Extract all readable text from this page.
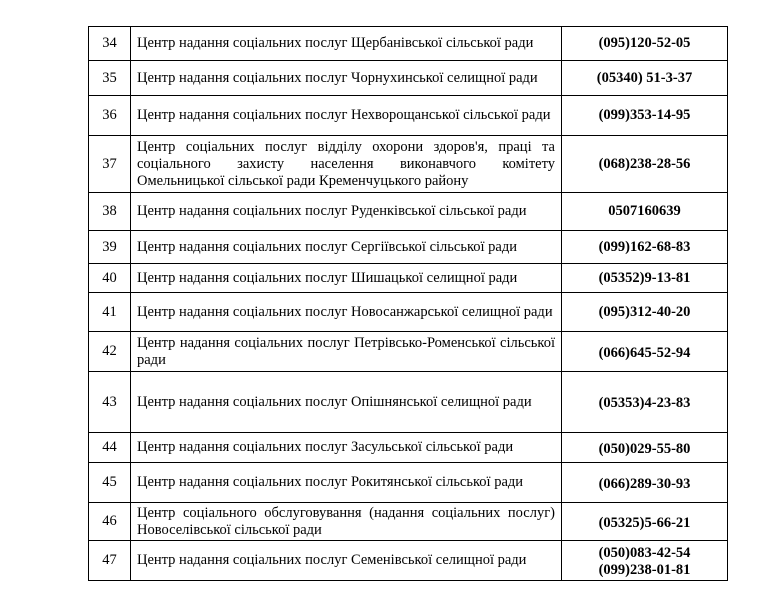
34	Центр надання соціальних послуг Щербанівської сільської ради	(095)120-52-05
35	Центр надання соціальних послуг Чорнухинської селищної ради	(05340) 51-3-37
36	Центр надання соціальних послуг Нехворощанської сільської ради	(099)353-14-95
37	Центр соціальних послуг відділу охорони здоров'я, праці та соціального захисту населення виконавчого комітету Омельницької сільської ради Кременчуцького району	(068)238-28-56
38	Центр надання соціальних послуг Руденківської сільської ради	0507160639
39	Центр надання соціальних послуг Сергіївської сільської ради	(099)162-68-83
40	Центр надання соціальних послуг Шишацької селищної ради	(05352)9-13-81
41	Центр надання соціальних послуг Новосанжарської селищної ради	(095)312-40-20
42	Центр надання соціальних послуг Петрівсько-Роменської сільської ради	(066)645-52-94
43	Центр надання соціальних послуг Опішнянської селищної ради	(05353)4-23-83
44	Центр надання соціальних послуг Засульської сільської ради	(050)029-55-80
45	Центр надання соціальних послуг Рокитянської сільської ради	(066)289-30-93
46	Центр соціального обслуговування (надання соціальних послуг) Новоселівської сільської ради	(05325)5-66-21
47	Центр надання соціальних послуг Семенівської селищної ради	(050)083-42-54
(099)238-01-81
